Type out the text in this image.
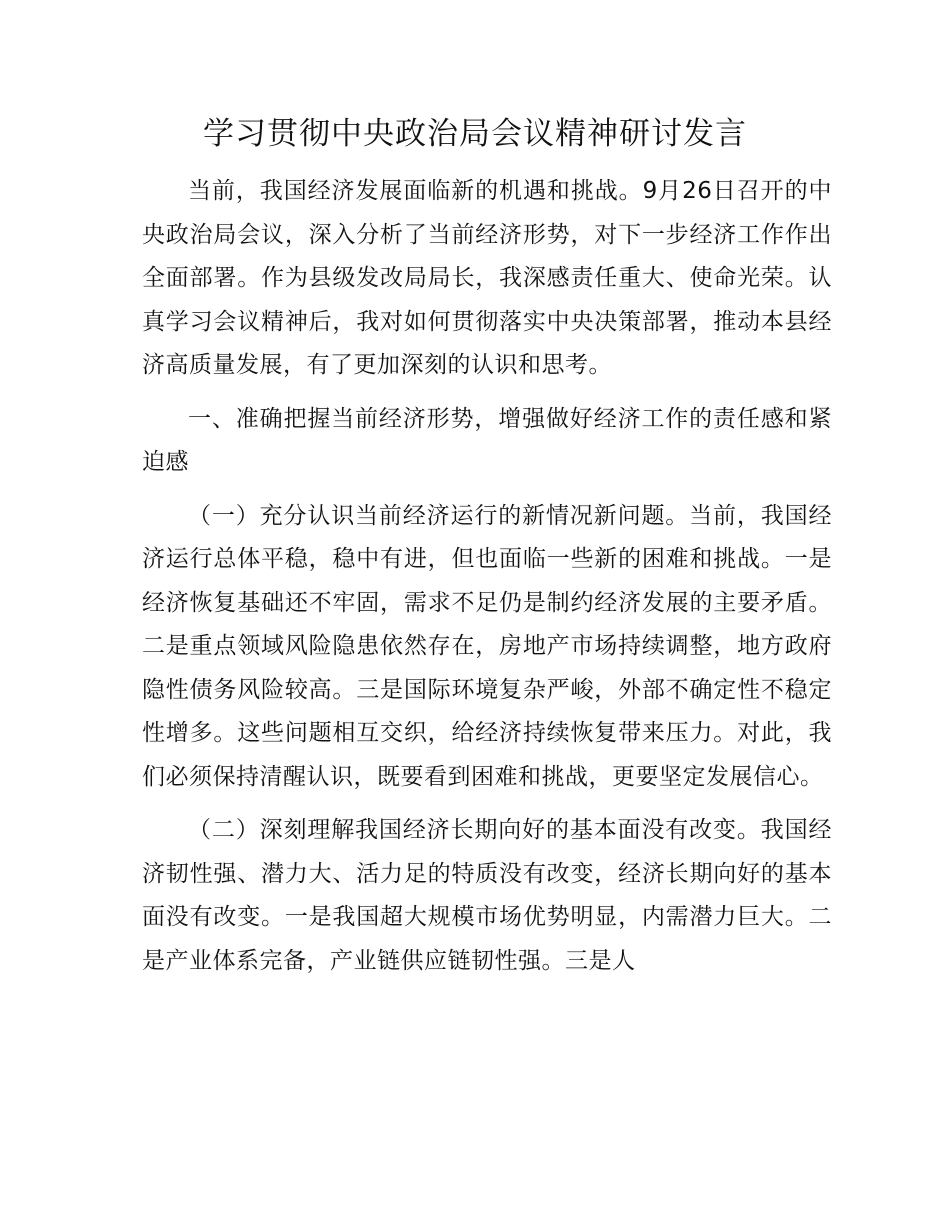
学习贯彻中央政治局会议精神研讨发言

当前，我国经济发展面临新的机遇和挑战。9月26日召开的中央政治局会议，深入分析了当前经济形势，对下一步经济工作作出全面部署。作为县级发改局局长，我深感责任重大、使命光荣。认真学习会议精神后，我对如何贯彻落实中央决策部署，推动本县经济高质量发展，有了更加深刻的认识和思考。

一、准确把握当前经济形势，增强做好经济工作的责任感和紧迫感

（一）充分认识当前经济运行的新情况新问题。当前，我国经济运行总体平稳，稳中有进，但也面临一些新的困难和挑战。一是经济恢复基础还不牢固，需求不足仍是制约经济发展的主要矛盾。二是重点领域风险隐患依然存在，房地产市场持续调整，地方政府隐性债务风险较高。三是国际环境复杂严峻，外部不确定性不稳定性增多。这些问题相互交织，给经济持续恢复带来压力。对此，我们必须保持清醒认识，既要看到困难和挑战，更要坚定发展信心。

（二）深刻理解我国经济长期向好的基本面没有改变。我国经济韧性强、潜力大、活力足的特质没有改变，经济长期向好的基本面没有改变。一是我国超大规模市场优势明显，内需潜力巨大。二是产业体系完备，产业链供应链韧性强。三是人
